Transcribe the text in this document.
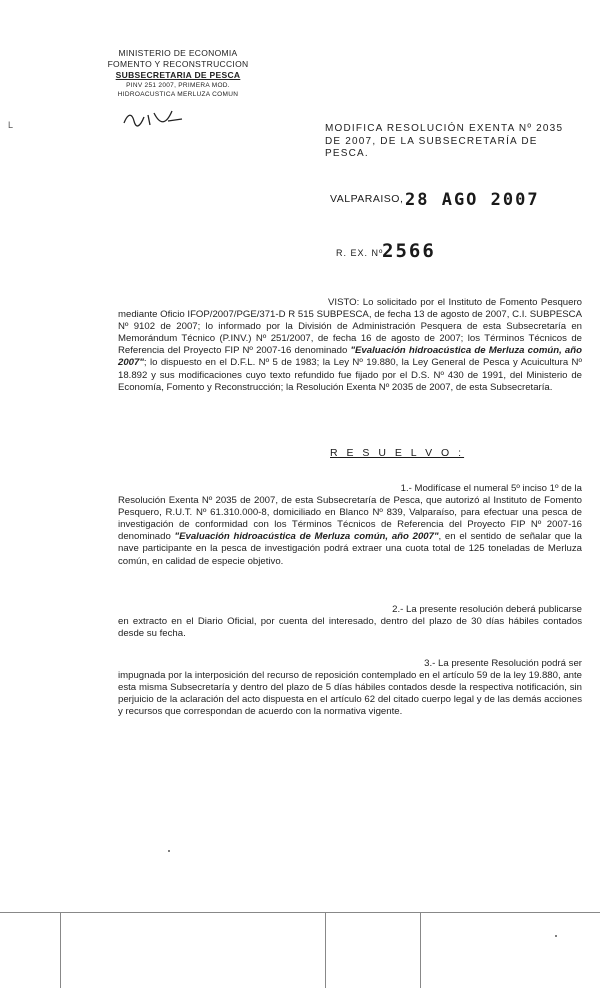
MINISTERIO DE ECONOMIA
FOMENTO Y RECONSTRUCCION
SUBSECRETARIA DE PESCA
PINV 251 2007, PRIMERA MOD.
HIDROACUSTICA MERLUZA COMUN
L	MODIFICA RESOLUCIÓN EXENTA Nº 2035 DE 2007, DE LA SUBSECRETARÍA DE PESCA.
VALPARAISO, 28 AGO 2007
R. EX. Nº
2566

VISTO: Lo solicitado por el Instituto de Fomento Pesquero mediante Oficio IFOP/2007/PGE/371-D R 515 SUBPESCA, de fecha 13 de agosto de 2007, C.I. SUBPESCA Nº 9102 de 2007; lo informado por la División de Administración Pesquera de esta Subsecretaría en Memorándum Técnico (P.INV.) Nº 251/2007, de fecha 16 de agosto de 2007; los Términos Técnicos de Referencia del Proyecto FIP Nº 2007-16 denominado "Evaluación hidroacústica de Merluza común, año 2007"; lo dispuesto en el D.F.L. Nº 5 de 1983; la Ley Nº 19.880, la Ley General de Pesca y Acuicultura Nº 18.892 y sus modificaciones cuyo texto refundido fue fijado por el D.S. Nº 430 de 1991, del Ministerio de Economía, Fomento y Reconstrucción; la Resolución Exenta Nº 2035 de 2007, de esta Subsecretaría.

R E S U E L V O :

1.- Modifícase el numeral 5º inciso 1º de la

Resolución Exenta Nº 2035 de 2007, de esta Subsecretaría de Pesca, que autorizó al Instituto de Fomento Pesquero, R.U.T. Nº 61.310.000-8, domiciliado en Blanco Nº 839, Valparaíso, para efectuar una pesca de investigación de conformidad con los Términos Técnicos de Referencia del Proyecto FIP Nº 2007-16 denominado "Evaluación hidroacústica de Merluza común, año 2007", en el sentido de señalar que la nave participante en la pesca de investigación podrá extraer una cuota total de 125 toneladas de Merluza común, en calidad de especie objetivo.

2.- La presente resolución deberá publicarse

en extracto en el Diario Oficial, por cuenta del interesado, dentro del plazo de 30 días hábiles contados desde su fecha.

3.- La presente Resolución podrá ser

impugnada por la interposición del recurso de reposición contemplado en el artículo 59 de la ley 19.880, ante esta misma Subsecretaría y dentro del plazo de 5 días hábiles contados desde la respectiva notificación, sin perjuicio de la aclaración del acto dispuesta en el artículo 62 del citado cuerpo legal y de las demás acciones y recursos que correspondan de acuerdo con la normativa vigente.
